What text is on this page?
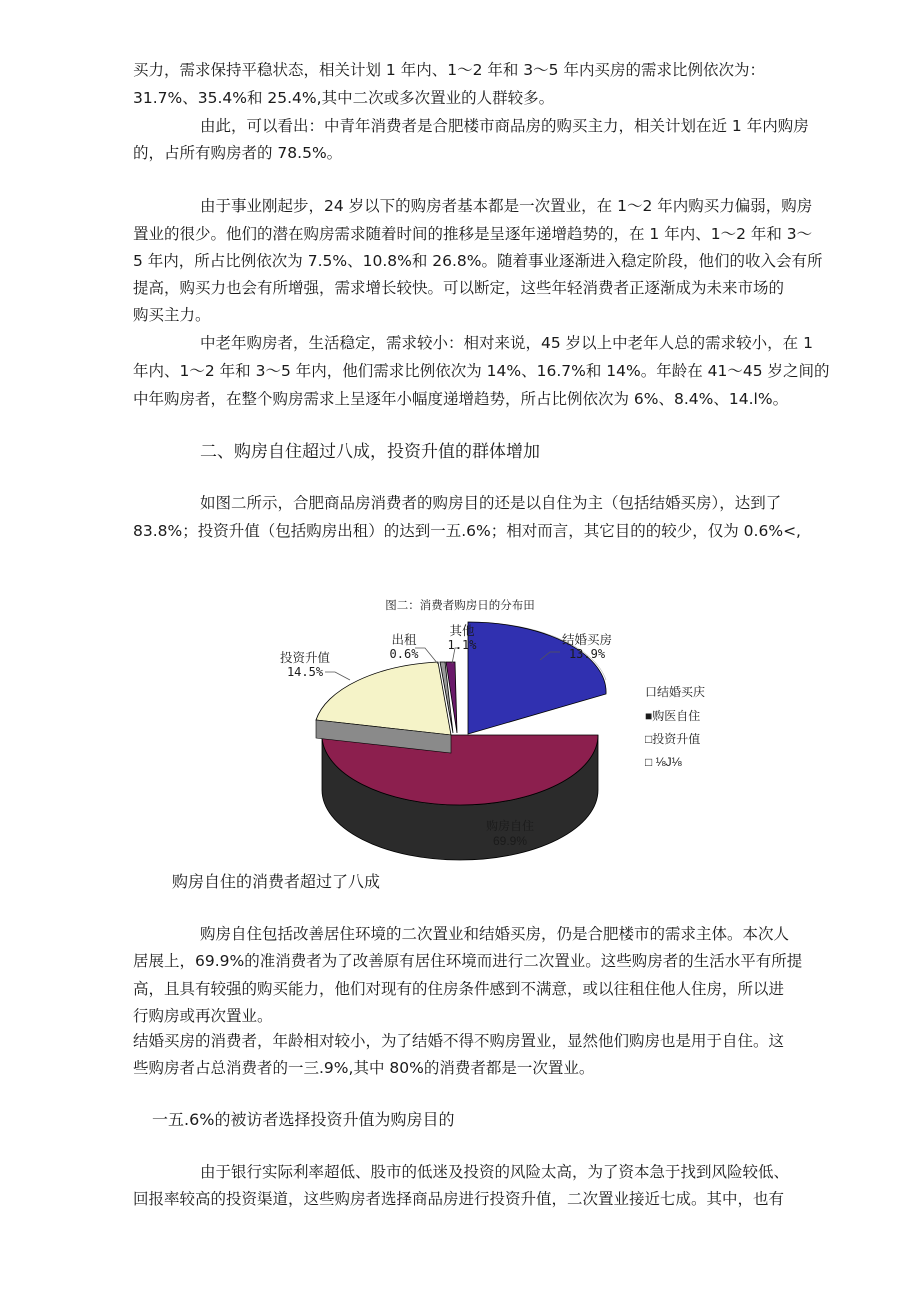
买力，需求保持平稳状态，相关计划 1 年内、1～2 年和 3～5 年内买房的需求比例依次为：
31.7%、35.4%和 25.4%,其中二次或多次置业的人群较多。
由此，可以看出：中青年消费者是合肥楼市商品房的购买主力，相关计划在近 1 年内购房
的，占所有购房者的 78.5%。
由于事业刚起步，24 岁以下的购房者基本都是一次置业，在 1～2 年内购买力偏弱，购房
置业的很少。他们的潜在购房需求随着时间的推移是呈逐年递增趋势的，在 1 年内、1～2 年和 3～
5 年内，所占比例依次为 7.5%、10.8%和 26.8%。随着事业逐渐进入稳定阶段，他们的收入会有所
提高，购买力也会有所增强，需求增长较快。可以断定，这些年轻消费者正逐渐成为未来市场的
购买主力。
中老年购房者，生活稳定，需求较小：相对来说，45 岁以上中老年人总的需求较小，在 1
年内、1～2 年和 3～5 年内，他们需求比例依次为 14%、16.7%和 14%。年龄在 41～45 岁之间的
中年购房者，在整个购房需求上呈逐年小幅度递增趋势，所占比例依次为 6%、8.4%、14.l%。
二、购房自住超过八成，投资升值的群体增加
如图二所示，合肥商品房消费者的购房目的还是以自住为主（包括结婚买房），达到了
83.8%；投资升值（包括购房出租）的达到一五.6%；相对而言，其它目的的较少，仅为 0.6%<,
图二：消费者购房日的分布田
结婚买房
13.9%
投资升值
14.5%
出租
0.6%
其他
1.1%
购房自住
69.9%
口结婚买庆
■购医自住
□投资升值
□ ⅛J⅛
购房自住的消费者超过了八成
购房自住包括改善居住环境的二次置业和结婚买房，仍是合肥楼市的需求主体。本次人
居展上，69.9%的准消费者为了改善原有居住环境而进行二次置业。这些购房者的生活水平有所提
高，且具有较强的购买能力，他们对现有的住房条件感到不满意，或以往租住他人住房，所以进
行购房或再次置业。
结婚买房的消费者，年龄相对较小，为了结婚不得不购房置业，显然他们购房也是用于自住。这
些购房者占总消费者的一三.9%,其中 80%的消费者都是一次置业。
一五.6%的被访者选择投资升值为购房目的
由于银行实际利率超低、股市的低迷及投资的风险太高，为了资本急于找到风险较低、
回报率较高的投资渠道，这些购房者选择商品房进行投资升值，二次置业接近七成。其中，也有
